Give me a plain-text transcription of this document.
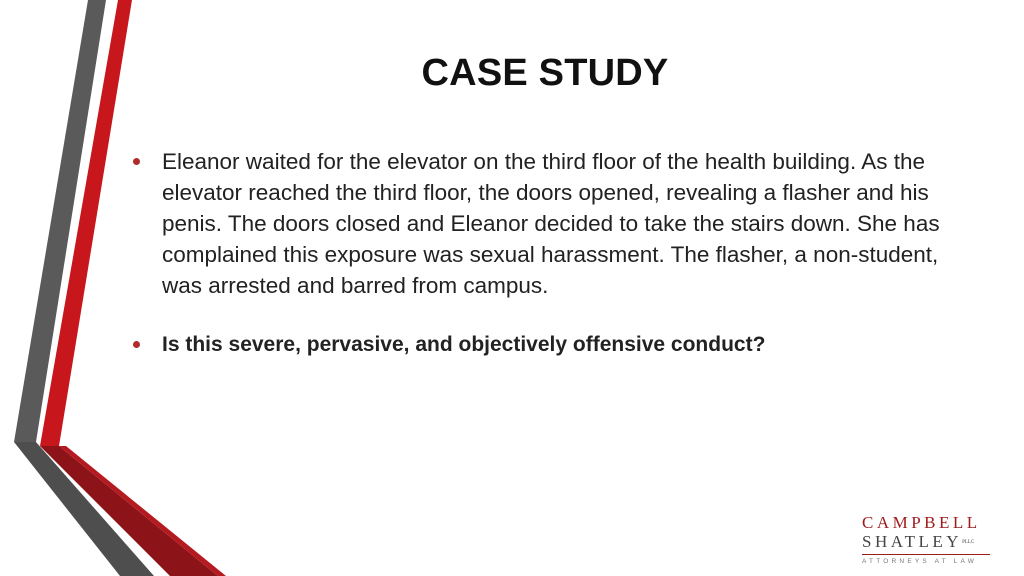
CASE STUDY
Eleanor waited for the elevator on the third floor of the health building. As the elevator reached the third floor, the doors opened, revealing a flasher and his penis. The doors closed and Eleanor decided to take the stairs down. She has complained this exposure was sexual harassment. The flasher, a non-student, was arrested and barred from campus.
Is this severe, pervasive, and objectively offensive conduct?
CAMPBELL
SHATLEYPLLC
ATTORNEYS AT LAW
